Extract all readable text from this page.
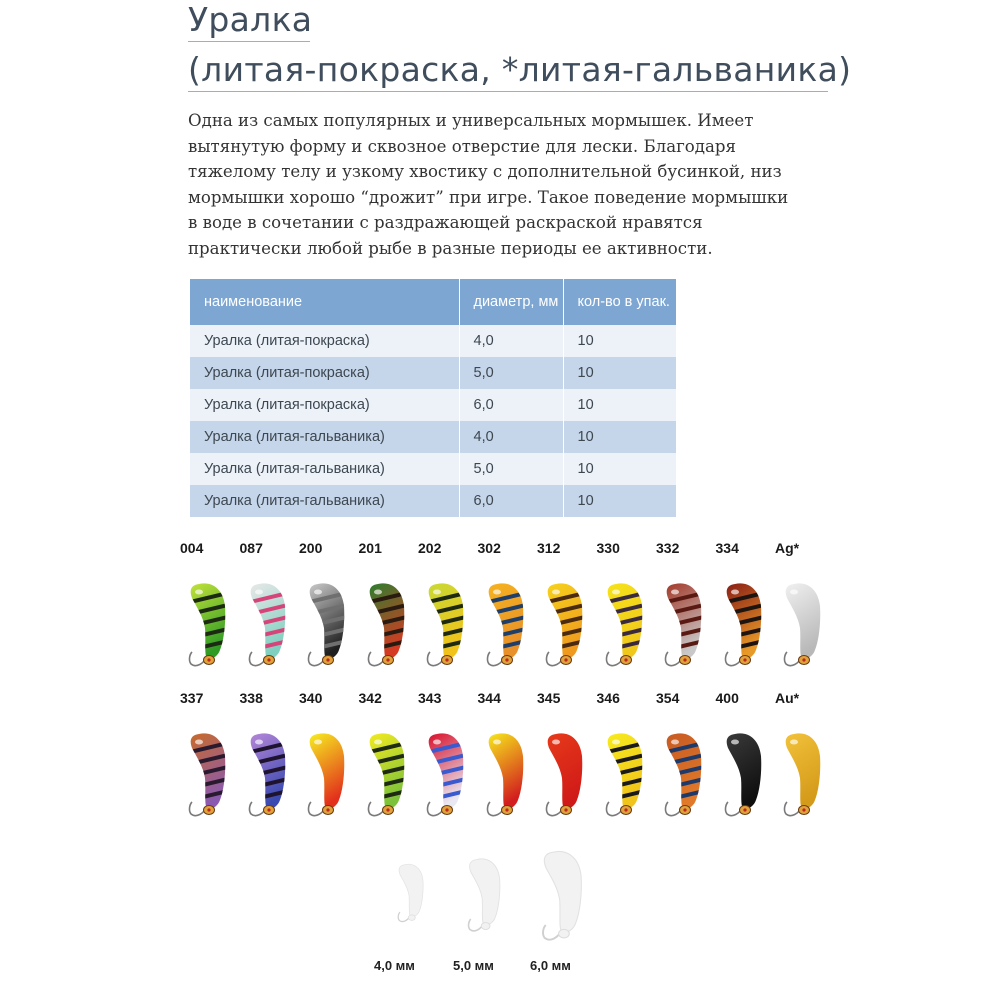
Уралка
(литая-покраска, *литая-гальваника)
Одна из самых популярных и универсальных мормышек. Имеет
вытянутую форму и сквозное отверстие для лески. Благодаря
тяжелому телу и узкому хвостику с дополнительной бусинкой, низ
мормышки хорошо “дрожит” при игре. Такое поведение мормышки
в воде в сочетании с раздражающей раскраской нравятся
практически любой рыбе в разные периоды ее активности.
наименование	диаметр, мм	кол-во в упак.
Уралка (литая-покраска)	4,0	10
Уралка (литая-покраска)	5,0	10
Уралка (литая-покраска)	6,0	10
Уралка (литая-гальваника)	4,0	10
Уралка (литая-гальваника)	5,0	10
Уралка (литая-гальваника)	6,0	10
004	087	200	201	202	302	312	330	332	334	Ag*
337	338	340	342	343	344	345	346	354	400	Au*
4,0 мм	5,0 мм	6,0 мм
